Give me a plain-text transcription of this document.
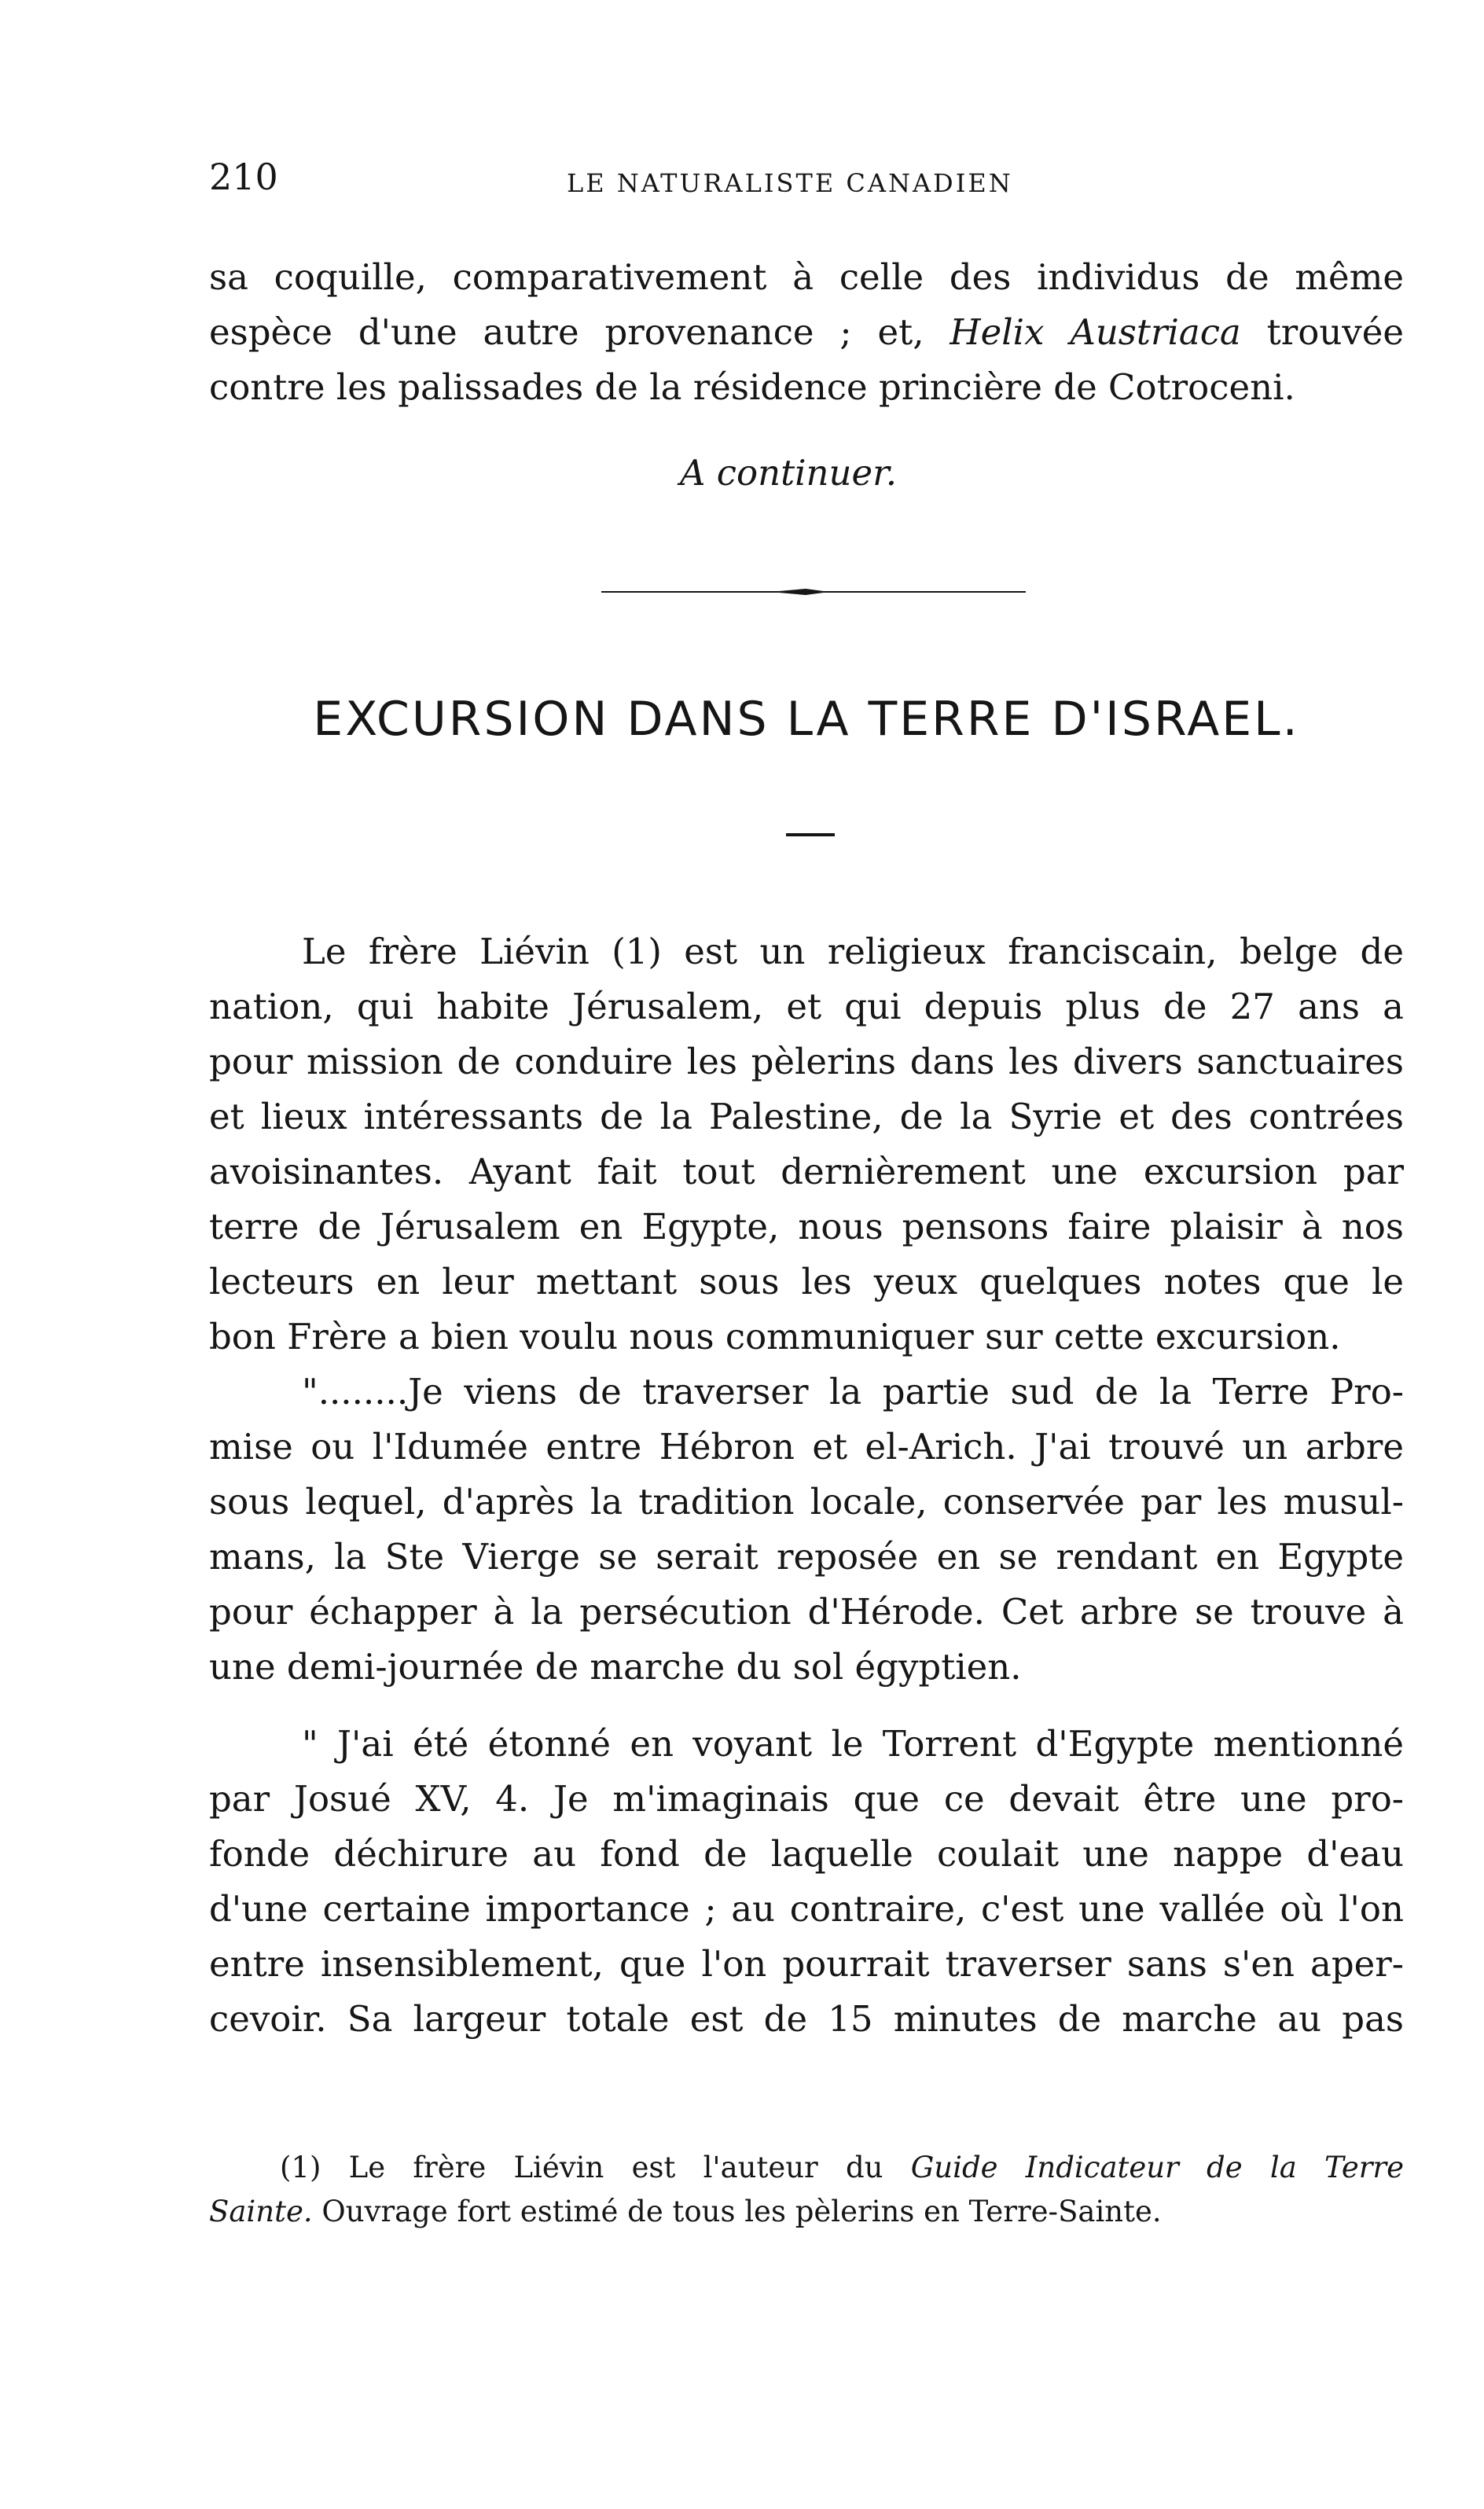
210	LE NATURALISTE CANADIEN
sa coquille, comparativement à celle des individus de même
espèce d'une autre provenance ; et, Helix Austriaca trouvée
contre les palissades de la résidence princière de Cotroceni.
A continuer.
EXCURSION DANS LA TERRE D'ISRAEL.
Le frère Liévin (1) est un religieux franciscain, belge de
nation, qui habite Jérusalem, et qui depuis plus de 27 ans a
pour mission de conduire les pèlerins dans les divers sanctuaires
et lieux intéressants de la Palestine, de la Syrie et des contrées
avoisinantes. Ayant fait tout dernièrement une excursion par
terre de Jérusalem en Egypte, nous pensons faire plaisir à nos
lecteurs en leur mettant sous les yeux quelques notes que le
bon Frère a bien voulu nous communiquer sur cette excursion.
"........Je viens de traverser la partie sud de la Terre Pro-
mise ou l'Idumée entre Hébron et el-Arich. J'ai trouvé un arbre
sous lequel, d'après la tradition locale, conservée par les musul-
mans, la Ste Vierge se serait reposée en se rendant en Egypte
pour échapper à la persécution d'Hérode. Cet arbre se trouve à
une demi-journée de marche du sol égyptien.
" J'ai été étonné en voyant le Torrent d'Egypte mentionné
par Josué XV, 4. Je m'imaginais que ce devait être une pro-
fonde déchirure au fond de laquelle coulait une nappe d'eau
d'une certaine importance ; au contraire, c'est une vallée où l'on
entre insensiblement, que l'on pourrait traverser sans s'en aper-
cevoir. Sa largeur totale est de 15 minutes de marche au pas
(1) Le frère Liévin est l'auteur du Guide Indicateur de la Terre
Sainte. Ouvrage fort estimé de tous les pèlerins en Terre-Sainte.
